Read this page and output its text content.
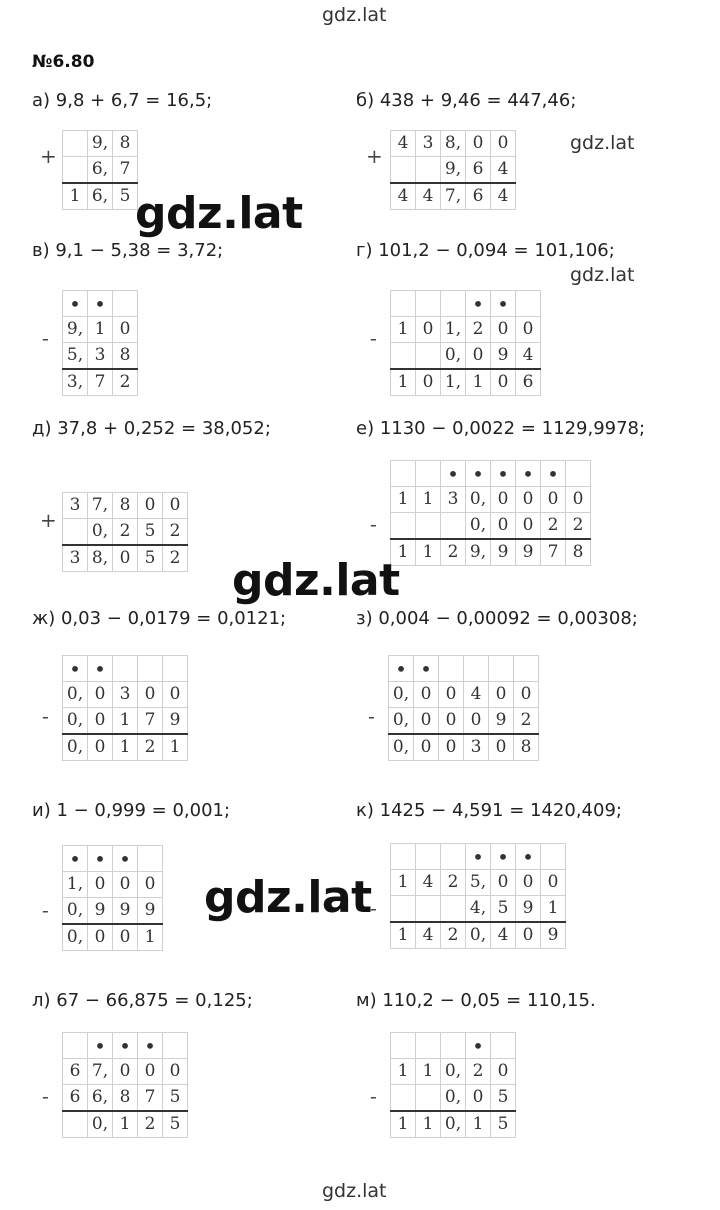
gdz.lat
№6.80
gdz.lat
gdz.lat
а) 9,8 + 6,7 = 16,5;
+
	9,	8
	6,	7
1	6,	5
б) 438 + 9,46 = 447,46;
+
4	3	8,	0	0
		9,	6	4
4	4	7,	6	4
gdz.lat
в) 9,1 − 5,38 = 3,72;
-
•	•	
9,	1	0
5,	3	8
3,	7	2
г) 101,2 − 0,094 = 101,106;
-
			•	•	
1	0	1,	2	0	0
		0,	0	9	4
1	0	1,	1	0	6
д) 37,8 + 0,252 = 38,052;
+
3	7,	8	0	0
	0,	2	5	2
3	8,	0	5	2
е) 1130 − 0,0022 = 1129,9978;
-
		•	•	•	•	•	
1	1	3	0,	0	0	0	0
			0,	0	0	2	2
1	1	2	9,	9	9	7	8
gdz.lat
ж) 0,03 − 0,0179 = 0,0121;
-
•	•			
0,	0	3	0	0
0,	0	1	7	9
0,	0	1	2	1
з) 0,004 − 0,00092 = 0,00308;
-
•	•				
0,	0	0	4	0	0
0,	0	0	0	9	2
0,	0	0	3	0	8
и) 1 − 0,999 = 0,001;
-
•	•	•	
1,	0	0	0
0,	9	9	9
0,	0	0	1
к) 1425 − 4,591 = 1420,409;
-
			•	•	•	
1	4	2	5,	0	0	0
			4,	5	9	1
1	4	2	0,	4	0	9
gdz.lat
л) 67 − 66,875 = 0,125;
-
	•	•	•	
6	7,	0	0	0
6	6,	8	7	5
	0,	1	2	5
м) 110,2 − 0,05 = 110,15.
-
			•	
1	1	0,	2	0
		0,	0	5
1	1	0,	1	5
gdz.lat
